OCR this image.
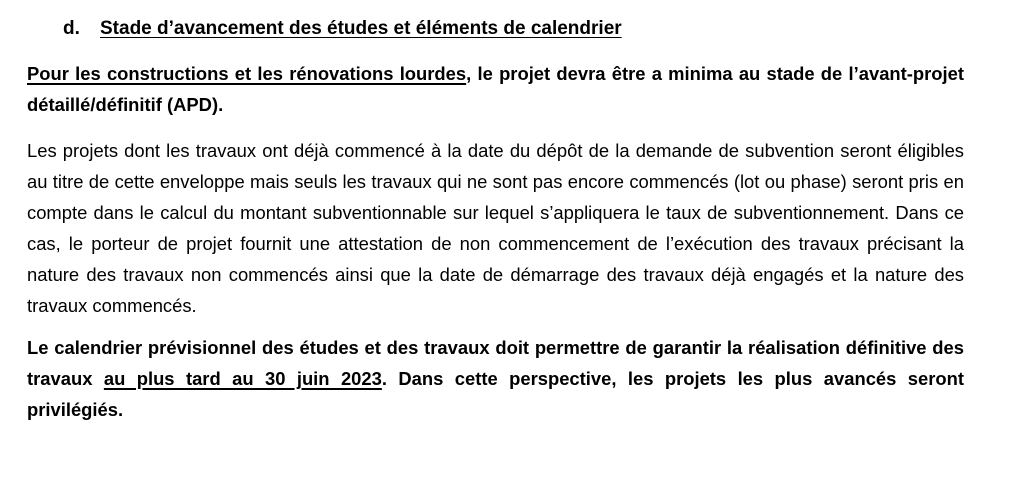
d. Stade d’avancement des études et éléments de calendrier

Pour les constructions et les rénovations lourdes, le projet devra être a minima au stade de l’avant-projet détaillé/définitif (APD).

Les projets dont les travaux ont déjà commencé à la date du dépôt de la demande de subvention seront éligibles au titre de cette enveloppe mais seuls les travaux qui ne sont pas encore commencés (lot ou phase) seront pris en compte dans le calcul du montant subventionnable sur lequel s’appliquera le taux de subventionnement. Dans ce cas, le porteur de projet fournit une attestation de non commencement de l’exécution des travaux précisant la nature des travaux non commencés ainsi que la date de démarrage des travaux déjà engagés et la nature des travaux commencés.

Le calendrier prévisionnel des études et des travaux doit permettre de garantir la réalisation définitive des travaux au plus tard au 30 juin 2023. Dans cette perspective, les projets les plus avancés seront privilégiés.
